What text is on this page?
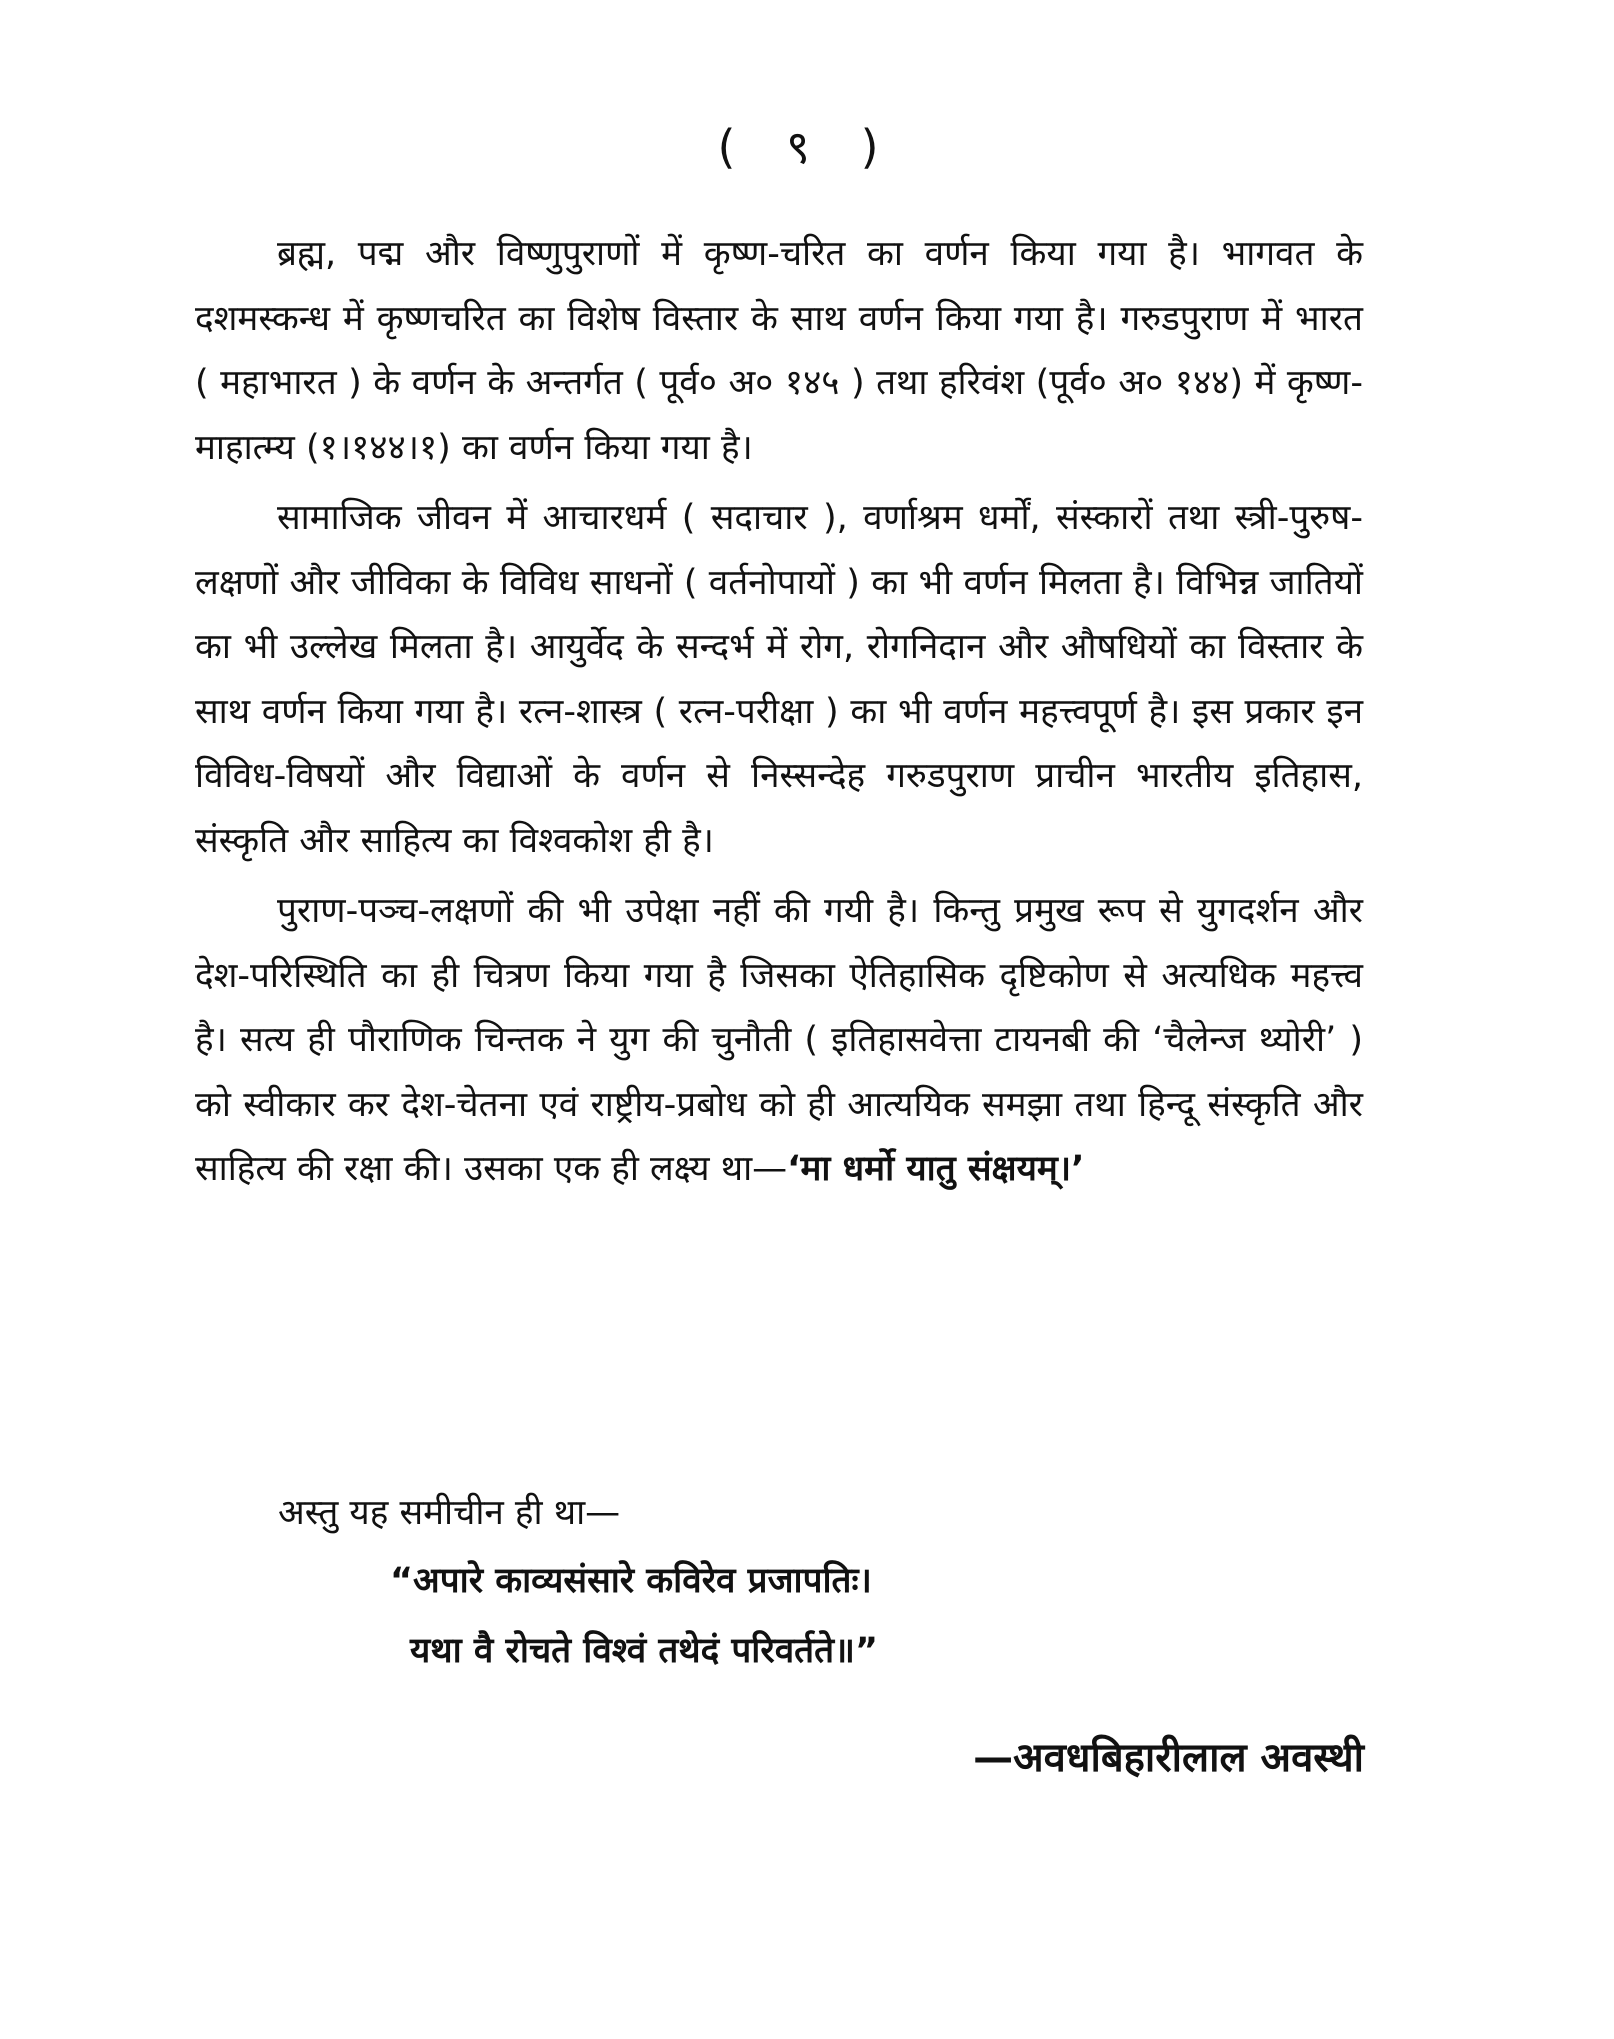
( ९ )

ब्रह्म, पद्म और विष्णुपुराणों में कृष्ण-चरित का वर्णन किया गया है। भागवत के दशमस्कन्ध में कृष्णचरित का विशेष विस्तार के साथ वर्णन किया गया है। गरुडपुराण में भारत ( महाभारत ) के वर्णन के अन्तर्गत ( पूर्व० अ० १४५ ) तथा हरिवंश (पूर्व० अ० १४४) में कृष्ण-माहात्म्य (१।१४४।१) का वर्णन किया गया है।

सामाजिक जीवन में आचारधर्म ( सदाचार ), वर्णाश्रम धर्मों, संस्कारों तथा स्त्री-पुरुष-लक्षणों और जीविका के विविध साधनों ( वर्तनोपायों ) का भी वर्णन मिलता है। विभिन्न जातियों का भी उल्लेख मिलता है। आयुर्वेद के सन्दर्भ में रोग, रोगनिदान और औषधियों का विस्तार के साथ वर्णन किया गया है। रत्न-शास्त्र ( रत्न-परीक्षा ) का भी वर्णन महत्त्वपूर्ण है। इस प्रकार इन विविध-विषयों और विद्याओं के वर्णन से निस्सन्देह गरुडपुराण प्राचीन भारतीय इतिहास, संस्कृति और साहित्य का विश्वकोश ही है।

पुराण-पञ्च-लक्षणों की भी उपेक्षा नहीं की गयी है। किन्तु प्रमुख रूप से युगदर्शन और देश-परिस्थिति का ही चित्रण किया गया है जिसका ऐतिहासिक दृष्टिकोण से अत्यधिक महत्त्व है। सत्य ही पौराणिक चिन्तक ने युग की चुनौती ( इतिहासवेत्ता टायनबी की ‘चैलेन्ज थ्योरी’ ) को स्वीकार कर देश-चेतना एवं राष्ट्रीय-प्रबोध को ही आत्ययिक समझा तथा हिन्दू संस्कृति और साहित्य की रक्षा की। उसका एक ही लक्ष्य था—‘मा धर्मो यातु संक्षयम्।’

अस्तु यह समीचीन ही था—
“अपारे काव्यसंसारे कविरेव प्रजापतिः।
यथा वै रोचते विश्वं तथेदं परिवर्तते॥”
—अवधबिहारीलाल अवस्थी
